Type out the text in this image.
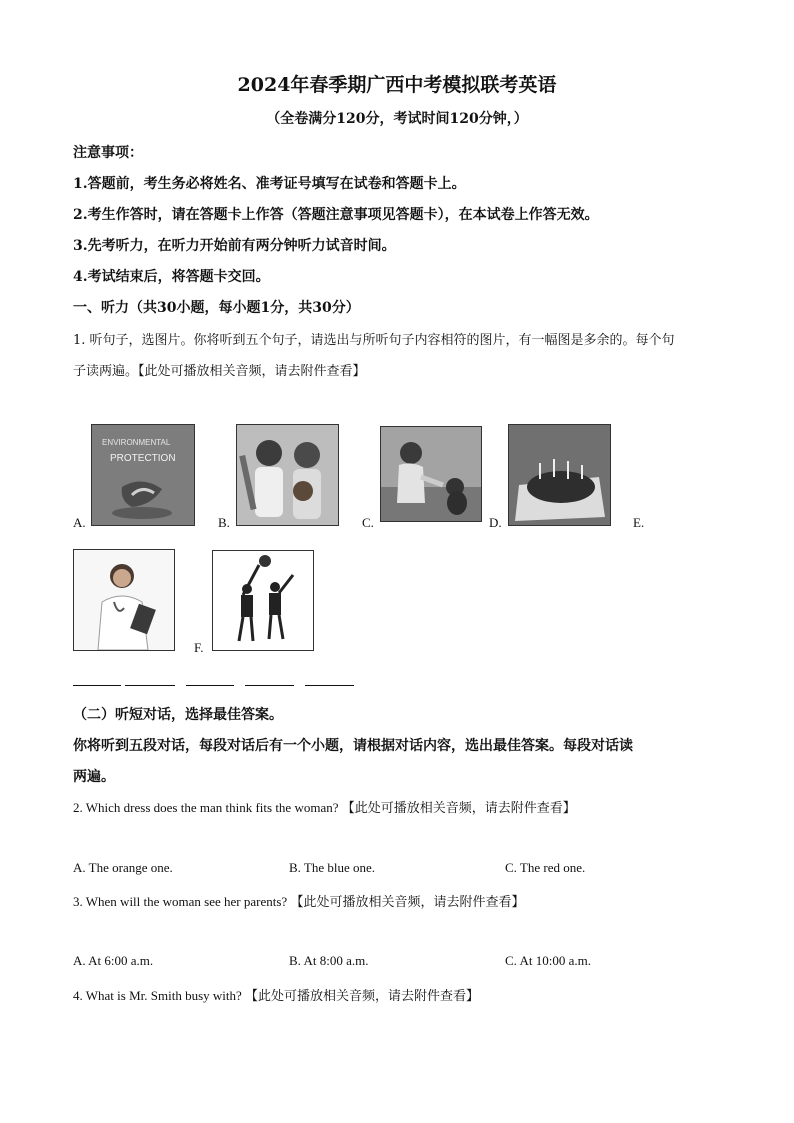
2024年春季期广西中考模拟联考英语
（全卷满分120分，考试时间120分钟，）
注意事项：
1.答题前，考生务必将姓名、准考证号填写在试卷和答题卡上。
2.考生作答时，请在答题卡上作答（答题注意事项见答题卡），在本试卷上作答无效。
3.先考听力，在听力开始前有两分钟听力试音时间。
4.考试结束后，将答题卡交回。
一、听力（共30小题，每小题1分，共30分）
1. 听句子，选图片。你将听到五个句子，请选出与所听句子内容相符的图片，有一幅图是多余的。每个句
子读两遍。【此处可播放相关音频，请去附件查看】
ENVIRONMENTAL
PROTECTION
A.	B.	C.	D.	E.
F.
（二）听短对话，选择最佳答案。
你将听到五段对话，每段对话后有一个小题，请根据对话内容，选出最佳答案。每段对话读
两遍。
2. Which dress does the man think fits the woman? 【此处可播放相关音频，请去附件查看】
A. The orange one.	B. The blue one.	C. The red one.
3. When will the woman see her parents? 【此处可播放相关音频，请去附件查看】
A. At 6:00 a.m.	B. At 8:00 a.m.	C. At 10:00 a.m.
4. What is Mr. Smith busy with? 【此处可播放相关音频，请去附件查看】
